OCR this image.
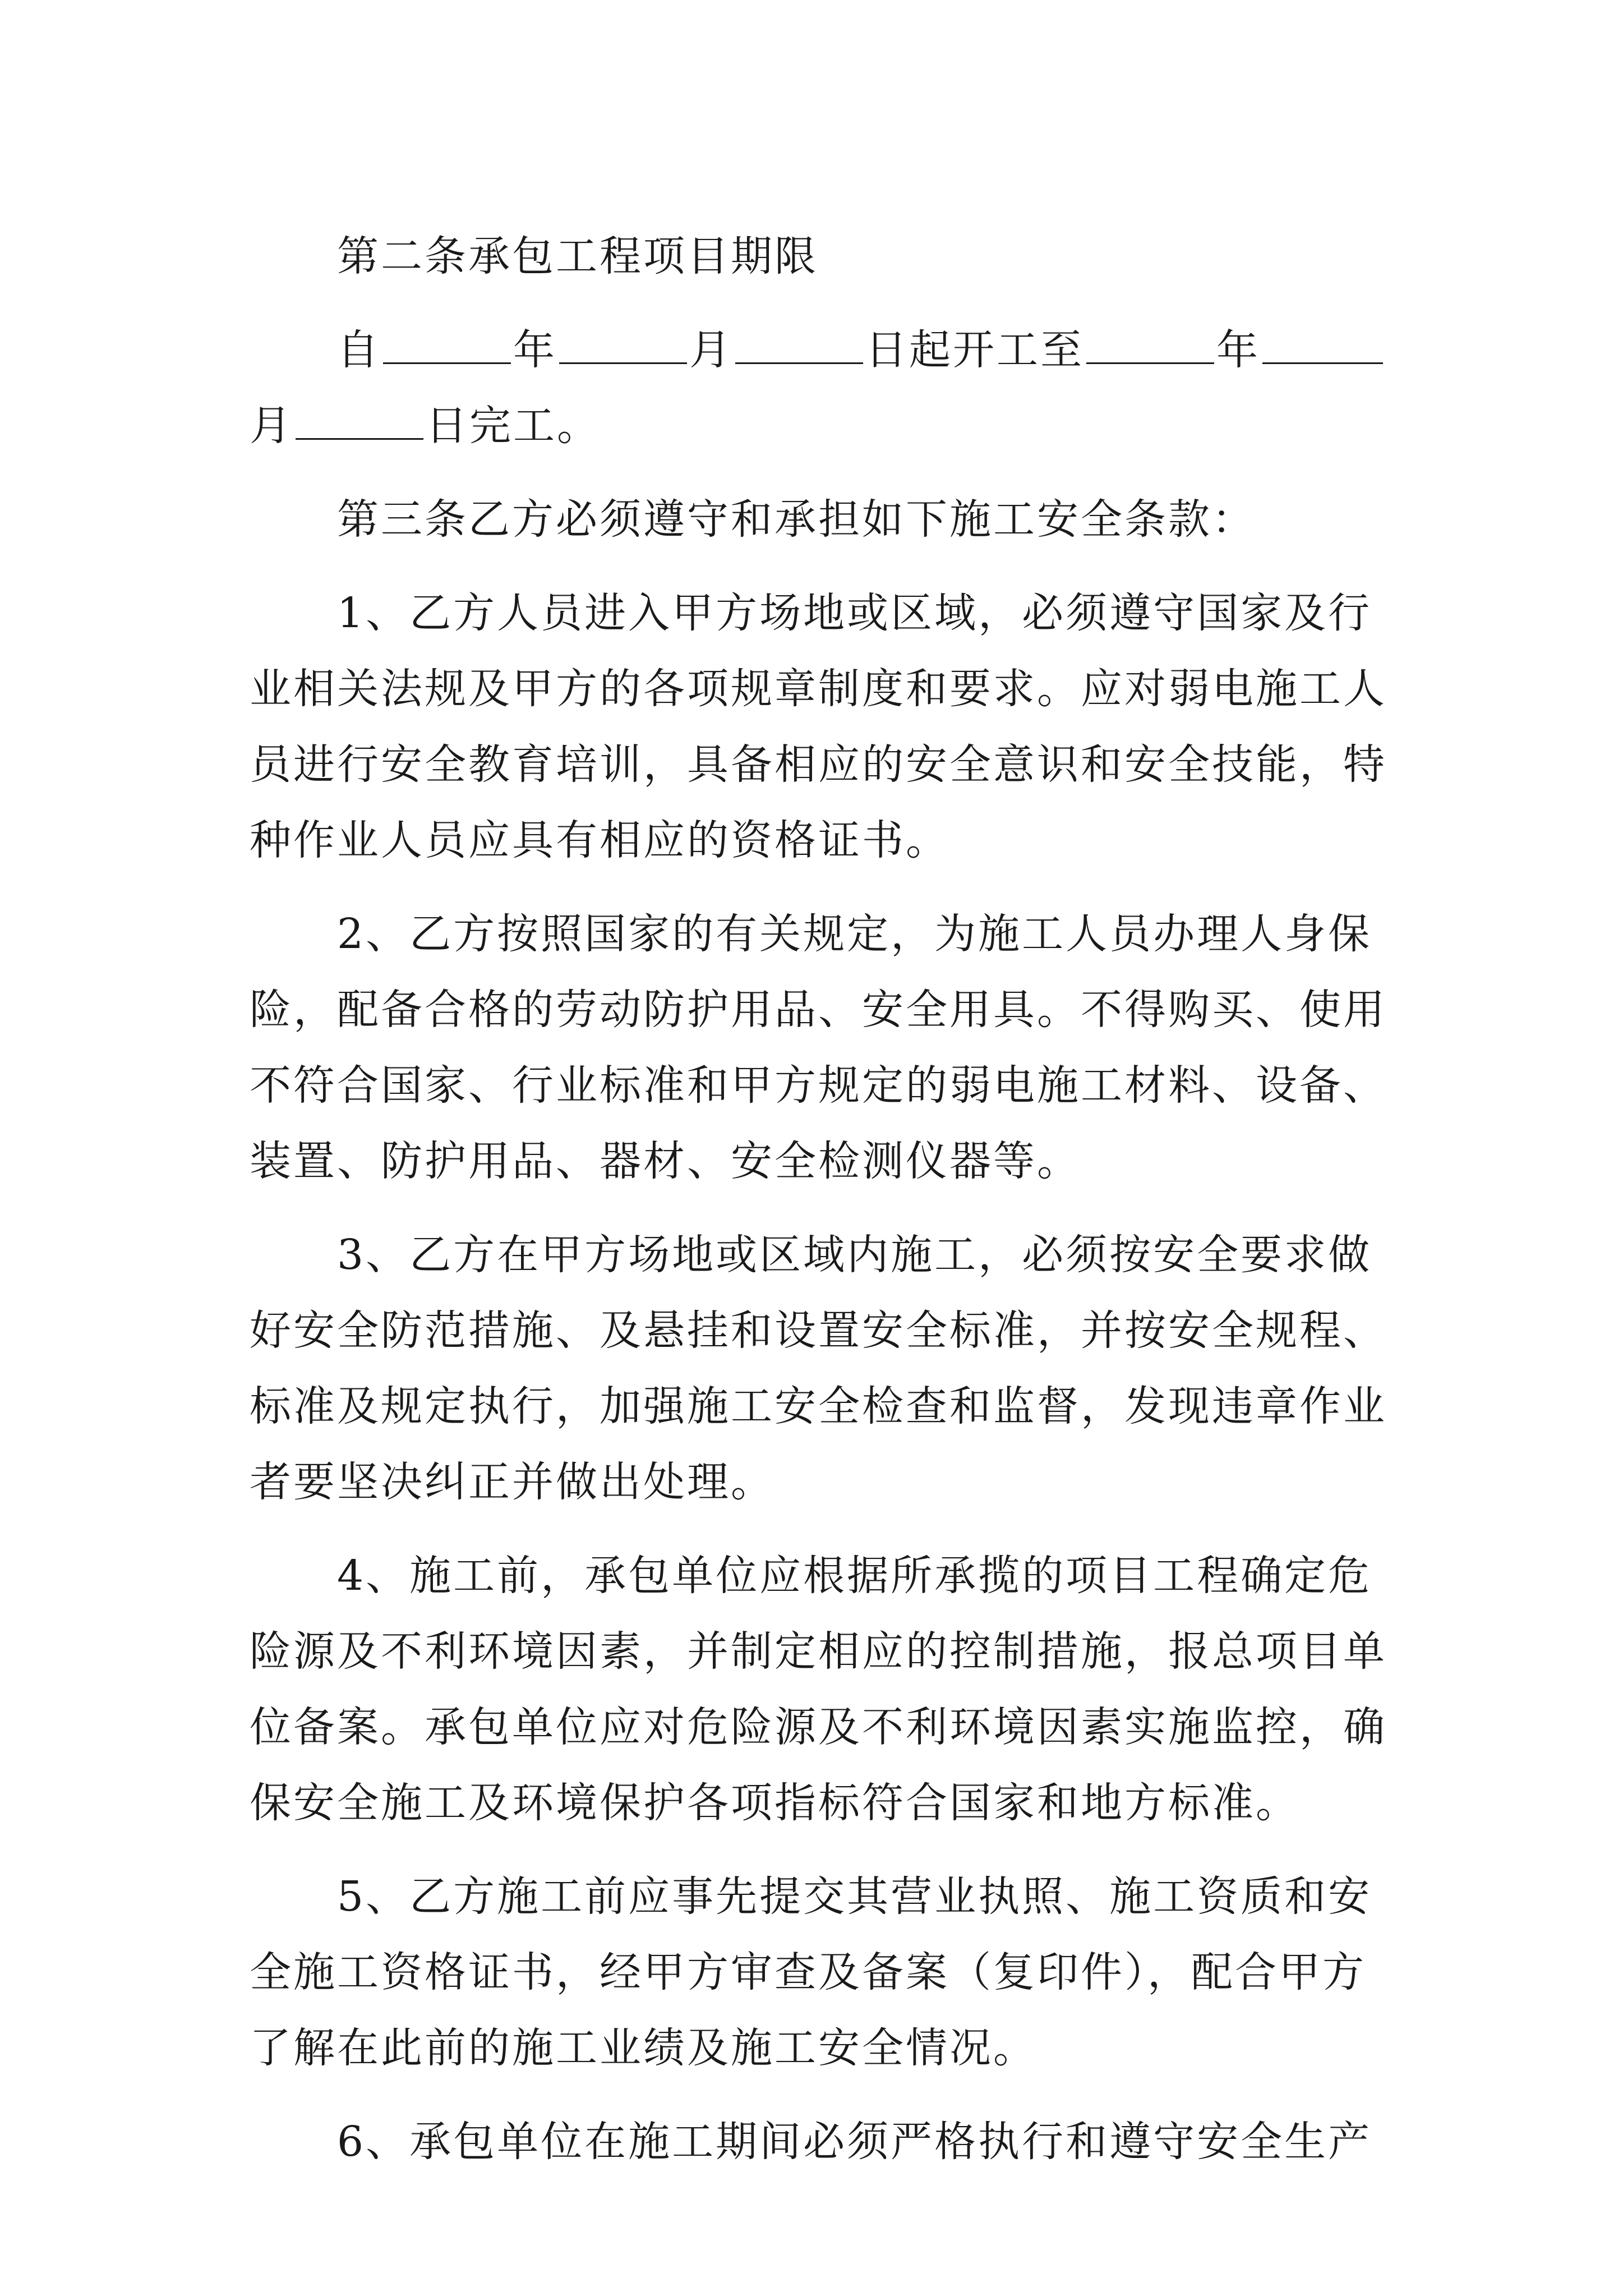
第二条承包工程项目期限

自	年	月	日起开工至	年
月	日完工。

第三条乙方必须遵守和承担如下施工安全条款：

1、乙方人员进入甲方场地或区域，必须遵守国家及行
业相关法规及甲方的各项规章制度和要求。应对弱电施工人
员进行安全教育培训，具备相应的安全意识和安全技能，特
种作业人员应具有相应的资格证书。

2、乙方按照国家的有关规定，为施工人员办理人身保
险，配备合格的劳动防护用品、安全用具。不得购买、使用
不符合国家、行业标准和甲方规定的弱电施工材料、设备、
装置、防护用品、器材、安全检测仪器等。

3、乙方在甲方场地或区域内施工，必须按安全要求做
好安全防范措施、及悬挂和设置安全标准，并按安全规程、
标准及规定执行，加强施工安全检查和监督，发现违章作业
者要坚决纠正并做出处理。

4、施工前，承包单位应根据所承揽的项目工程确定危
险源及不利环境因素，并制定相应的控制措施，报总项目单
位备案。承包单位应对危险源及不利环境因素实施监控，确
保安全施工及环境保护各项指标符合国家和地方标准。

5、乙方施工前应事先提交其营业执照、施工资质和安
全施工资格证书，经甲方审查及备案（复印件），配合甲方
了解在此前的施工业绩及施工安全情况。

6、承包单位在施工期间必须严格执行和遵守安全生产
